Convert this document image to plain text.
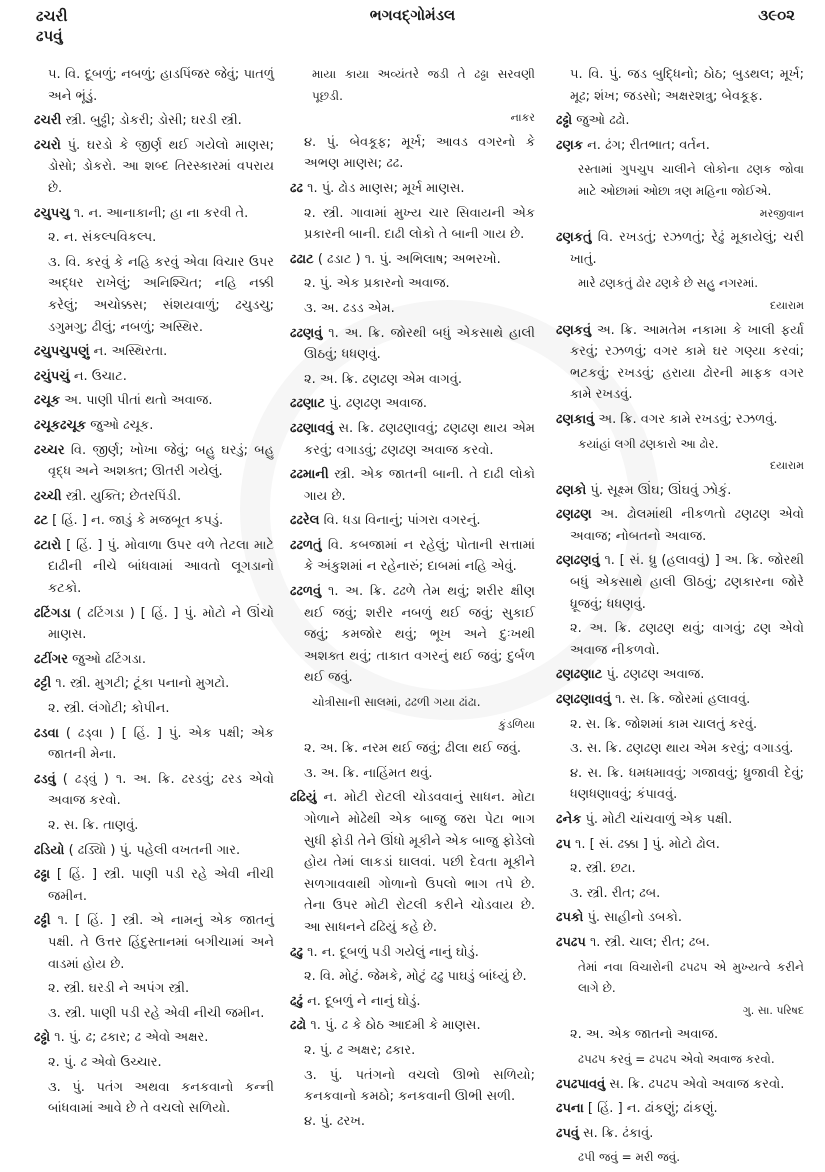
ઢચરી
ઢપવું
ભગવદ્ગોમંડલ	૩૯૦૨
૫. વિ. દૂબળું; નબળું; હાડપિંજર જેવું; પાતળું અને ભૂંડું.
ઢચરી સ્ત્રી. બુઢ્ઢી; ડોકરી; ડોસી; ઘરડી સ્ત્રી.
ઢચરો પું. ઘરડો કે જીર્ણ થઈ ગયેલો માણસ; ડોસો; ડોકરો. આ શબ્દ તિરસ્કારમાં વપરાય છે.
ઢચુપચુ ૧. ન. આનાકાની; હા ના કરવી તે.
૨. ન. સંકલ્પવિકલ્પ.
૩. વિ. કરવું કે નહિ કરવું એવા વિચાર ઉપર અદ્ધર રાખેલું; અનિશ્ચિત; નહિ નક્કી કરેલું; અચોક્કસ; સંશયવાળું; ઢચુડચુ; ડગુમગુ; ઢીલું; નબળું; અસ્થિર.
ઢચુપચુપણું ન. અસ્થિરતા.
ઢચુંપચું ન. ઉચાટ.
ઢચૂક અ. પાણી પીતાં થતો અવાજ.
ઢચૂકઢચૂક જુઓ ઢચૂક.
ઢચ્ચર વિ. જીર્ણ; ખોખા જેવું; બહુ ઘરડું; બહુ વૃદ્ધ અને અશક્ત; ઊતરી ગયેલું.
ઢચ્ચી સ્ત્રી. યુક્તિ; છેતરપિંડી.
ઢટ [ હિં. ] ન. જાડું કે મજબૂત કપડું.
ઢટારો [ હિં. ] પું. મોવાળા ઉપર વળે તેટલા માટે દાઢીની નીચે બાંધવામાં આવતો લૂગડાનો કટકો.
ઢટિંગડા ( ઢટિંગડા ) [ હિં. ] પું. મોટો ને ઊંચો માણસ.
ઢટીંગર જુઓ ઢટિંગડા.
ઢટ્ટી ૧. સ્ત્રી. મુગટી; ટૂંકા પનાનો મુગટો.
૨. સ્ત્રી. લંગોટી; કોપીન.
ઢડવા ( ઢડ્વા ) [ હિં. ] પું. એક પક્ષી; એક જાતની મેના.
ઢડવું ( ઢડ્વું ) ૧. અ. ક્રિ. ઢરડવું; ઢરડ એવો અવાજ કરવો.
૨. સ. ક્રિ. તાણવું.
ઢડિયો ( ઢડ્યિો ) પું. પહેલી વખતની ગાર.
ઢઢ્ઢા [ હિં. ] સ્ત્રી. પાણી પડી રહે એવી નીચી જમીન.
ઢઢ્ઢી ૧. [ હિં. ] સ્ત્રી. એ નામનું એક જાતનું પક્ષી. તે ઉત્તર હિંદુસ્તાનમાં બગીચામાં અને વાડમાં હોય છે.
૨. સ્ત્રી. ઘરડી ને અપંગ સ્ત્રી.
૩. સ્ત્રી. પાણી પડી રહે એવી નીચી જમીન.
ઢઢ્ઢો ૧. પું. ઢ; ઢકાર; ઢ એવો અક્ષર.
૨. પું. ઢ એવો ઉચ્ચાર.
૩. પું. પતંગ અથવા કનકવાનો કન્ની બાંધવામાં આવે છે તે વચલો સળિયો.
માયા કાયા અવ્યંતરે જડી તે ઢઢ્ઢા સરવણી પૂછડી.
નાકર
૪. પું. બેવકૂફ; મૂર્ખ; આવડ વગરનો કે અભણ માણસ; ઢઢ.
ઢઢ ૧. પું. ઢોડ માણસ; મૂર્ખ માણસ.
૨. સ્ત્રી. ગાવામાં મુખ્ય ચાર સિવાયની એક પ્રકારની બાની. દાઢી લોકો તે બાની ગાય છે.
ઢઢાટ ( ઢડાટ ) ૧. પું. અભિલાષ; અભરખો.
૨. પું. એક પ્રકારનો અવાજ.
૩. અ. ઢડડ એમ.
ઢઢણવું ૧. અ. ક્રિ. જોરથી બધું એકસાથે હાલી ઊઠવું; ધધણવું.
૨. અ. ક્રિ. ઢણઢણ એમ વાગવું.
ઢઢણાટ પું. ઢણઢણ અવાજ.
ઢઢણાવવું સ. ક્રિ. ઢણઢણાવવું; ઢણઢણ થાય એમ કરવું; વગાડવું; ઢણઢણ અવાજ કરવો.
ઢઢમાની સ્ત્રી. એક જાતની બાની. તે દાઢી લોકો ગાય છે.
ઢઢરેલ વિ. ધડા વિનાનું; પાંગરા વગરનું.
ઢઢળતું વિ. કબજામાં ન રહેલું; પોતાની સત્તામાં કે અંકુશમાં ન રહેનારું; દાબમાં નહિ એવું.
ઢઢળવું ૧. અ. ક્રિ. ઢઢળે તેમ થવું; શરીર ક્ષીણ થઈ જવું; શરીર નબળું થઈ જવું; સુકાઈ જવું; કમજોર થવું; ભૂખ અને દુઃખથી અશક્ત થવું; તાકાત વગરનું થઈ જવું; દુર્બળ થઈ જવું.
ચોત્રીસાની સાલમાં, ઢઢળી ગયા ઢાંઢા.
કુંડળિયા
૨. અ. ક્રિ. નરમ થઈ જવું; ઢીલા થઈ જવું.
૩. અ. ક્રિ. નાહિંમત થવું.
ઢઢિયું ન. મોટી રોટલી ચોડવવાનું સાધન. મોટા ગોળાને મોઢેથી એક બાજુ જરા પેટા ભાગ સુધી ફોડી તેને ઊંધો મૂકીને એક બાજુ ફોડેલો હોય તેમાં લાકડાં ઘાલવાં. પછી દેવતા મૂકીને સળગાવવાથી ગોળાનો ઉપલો ભાગ તપે છે. તેના ઉપર મોટી રોટલી કરીને ચોડવાય છે. આ સાધનને ઢઢિયું કહે છે.
ઢઢુ ૧. ન. દૂબળું પડી ગયેલું નાનું ઘોડું.
૨. વિ. મોટું. જેમકે, મોટું ઢઢુ પાઘડું બાંધ્યું છે.
ઢઢું ન. દૂબળું ને નાનું ઘોડું.
ઢઢો ૧. પું. ઢ કે ઠોઠ આદમી કે માણસ.
૨. પું. ઢ અક્ષર; ઢકાર.
૩. પું. પતંગનો વચલો ઊભો સળિયો; કનકવાનો કમઠો; કનકવાની ઊભી સળી.
૪. પું. ઢરખ.
૫. વિ. પું. જડ બુદ્ધિનો; ઠોઠ; બુડથલ; મૂર્ખ; મૂઢ; શંખ; જડસો; અક્ષરશત્રુ; બેવકૂફ.
ઢઢ્ઢો જુઓ ઢઢો.
ઢણક ન. ઢંગ; રીતભાત; વર્તન.
રસ્તામાં ગુપચુપ ચાલીને લોકોના ઢણક જોવા માટે ઓછામાં ઓછા ત્રણ મહિના જોઈએ.
મરજીવાન
ઢણકતું વિ. રખડતું; રઝળતું; રેઢું મૂકાયેલું; ચરી ખાતું.
મારે ઢણકતું ઢોર ઢણકે છે સહુ નગરમાં.
દયારામ
ઢણકવું અ. ક્રિ. આમતેમ નકામા કે ખાલી ફર્યા કરવું; રઝળવું; વગર કામે ઘર ગણ્યા કરવાં; ભટકવું; રખડવું; હરાયા ઢોરની માફક વગર કામે રખડવું.
ઢણકાવું અ. ક્રિ. વગર કામે રખડવું; રઝળવું.
કયાંહાં લગી ઢણકારો આ ઢોર.
દયારામ
ઢણકો પું. સૂક્ષ્મ ઊંઘ; ઊંઘવું ઝોકું.
ઢણઢણ અ. ઢોલમાંથી નીકળતો ઢણઢણ એવો અવાજ; નોબતનો અવાજ.
ઢણઢણવું ૧. [ સં. ધ્રુ (હલાવવું) ] અ. ક્રિ. જોરથી બધું એકસાથે હાલી ઊઠવું; ઢણકારના જોરે ધ્રૂજવું; ધધણવું.
૨. અ. ક્રિ. ઢણઢણ થવું; વાગવું; ઢણ એવો અવાજ નીકળવો.
ઢણઢણાટ પું. ઢણઢણ અવાજ.
ઢણઢણાવવું ૧. સ. ક્રિ. જોરમાં હલાવવું.
૨. સ. ક્રિ. જોશમાં કામ ચાલતું કરવું.
૩. સ. ક્રિ. ઢણઢણ થાય એમ કરવું; વગાડવું.
૪. સ. ક્રિ. ધમધમાવવું; ગજાવવું; ધ્રુજાવી દેવું; ધણધણાવવું; કંપાવવું.
ઢનેક પું. મોટી ચાંચવાળું એક પક્ષી.
ઢપ ૧. [ સં. ઢક્કા ] પું. મોટો ઢોલ.
૨. સ્ત્રી. છટા.
૩. સ્ત્રી. રીત; ઢબ.
ઢપકો પું. સાહીનો ડબકો.
ઢપઢપ ૧. સ્ત્રી. ચાલ; રીત; ઢબ.
તેમાં નવા વિચારોની ઢપઢપ એ મુખ્યત્વે કરીને લાગે છે.
ગુ. સા. પરિષદ
૨. અ. એક જાતનો અવાજ.
ઢપઢપ કરવું = ઢપઢપ એવો અવાજ કરવો.
ઢપઢપાવવું સ. ક્રિ. ઢપઢપ એવો અવાજ કરવો.
ઢપના [ હિં. ] ન. ઢાંકણું; ઢાંકણું.
ઢપવું સ. ક્રિ. ઢંકાવું.
ઢપી જવું = મરી જવું.
